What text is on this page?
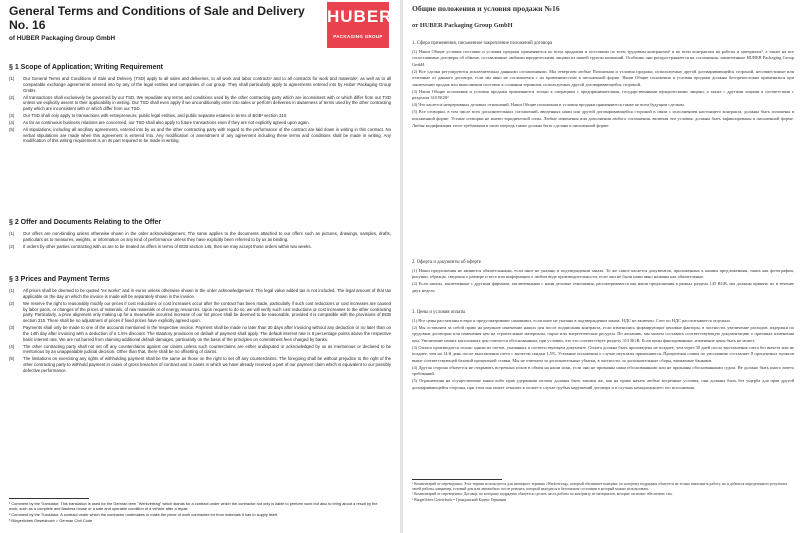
General Terms and Conditions of Sale and Delivery No. 16

of HUBER Packaging Group GmbH

HUBER
PACKAGING GROUP
§ 1 Scope of Application; Writing Requirement
(1) Our General Terms and Conditions of Sale and Delivery (TSD) apply to all sales and deliveries, to all work and labor contracts¹ and to all contracts for work and materials², as well as to all comparable exchange agreements entered into by any of the legal entities and companies of our group. They shall particularly apply to agreements entered into by Huber Packaging Group GmbH.
(2) All transactions shall exclusively be governed by our TSD. We repudiate any terms and conditions used by the other contracting party which are inconsistent with or which differ from our TSD unless we explicitly assent to their applicability in writing. Our TSD shall even apply if we unconditionally enter into sales or perform deliveries in awareness of terms used by the other contracting party which are inconsistent with or which differ from our TSD.
(3) Our TSD shall only apply to transactions with entrepreneurs, public legal entities, and public separate estates in terms of BGB³ section 310.
(4) As far as continuous business relations are concerned, our TSD shall also apply to future transactions even if they are not explicitly agreed upon again.
(5) All stipulations, including all ancillary agreements, entered into by us and the other contracting party with regard to the performance of the contract are laid down in writing in this contract. No verbal stipulations are made when this agreement is entered into. Any modification or amendment of any agreement including these terms and conditions shall be made in writing. Any modification of this writing requirement is on its part required to be made in writing.
§ 2 Offer and Documents Relating to the Offer
(1) Our offers are non-binding unless otherwise shown in the order acknowledgement. The same applies to the documents attached to our offers such as pictures, drawings, samples, drafts, particulars as to measures, weights, or information on any kind of performance unless they have explicitly been referred to by us as binding.
(2) If orders by other parties contracting with us are to be treated as offers in terms of BGB section 145, then we may accept those orders within two weeks.
§ 3 Prices and Payment Terms
(1) All prices shall be deemed to be quoted "ex works" and in euros unless otherwise shown in the order acknowledgement. The legal value added tax is not included. The legal amount of that tax applicable on the day on which the invoice is made will be separately shown in the invoice.
(2) We reserve the right to reasonably modify our prices if cost reductions or cost increases occur after the contract has been made, particularly if such cost reductions or cost increases are caused by labor pacts, or changes of the prices of materials, of raw materials or of energy resources. Upon request to do so, we will verify such cost reductions or cost increases to the other contracting party. Particularly, a price alignment only making up for a meanwhile occurred increase of our list prices shall be deemed to be reasonable, provided it is compatible with the provisions of BGB section 315. There shall be no adjustment of prices if fixed prices have explicitly agreed upon.
(3) Payments shall only be made to one of the accounts mentioned in the respective invoice. Payment shall be made no later than 30 days after invoicing without any deduction or no later than on the 14th day after invoicing with a deduction of a 1.5% discount. The statutory provisions on default of payment shall apply. The default interest rate is 8 percentage points above the respective basic interest rate. We are not barred from claiming additional default damages, particularly on the basis of the principles on commitment fees charged by banks.
(4) The other contracting party shall not set off any counterclaims against our claims unless such counterclaims are either undisputed or acknowledged by us as meritorious or declared to be meritorious by an unappealable judicial decision. Other than that, there shall be no offsetting of claims.
(5) The limitations on exercising any rights of withholding payment shall be the same as those on the right to set off any counterclaims. The foregoing shall be without prejudice to the right of the other contracting party to withhold payment in cases of gross breaches of contract and in cases in which we have already received a part of our payment claim which is equivalent to our possibly defective performance.

¹ Comment by the Translator: This translation is used for the German term "Werkvertrag" which stands for a contract under which the contractor not only is liable to perform work but also to bring about a result by the work, such as a complete and flawless house or a safe and operable condition of a vehicle after a repair.

² Comment by the Translator: A contract under which the contractor undertakes to make the piece of work contracted for from materials it has to supply itself.

³ Bürgerliches Gesetzbuch = German Civil Code

Общие положения и условия продажи №16

от HUBER Packaging Group GmbH

1. Сфера применения, письменное закрепление положений договора

(1) Наши Общие условия поставки и условия продажи применяются ко всем продажам и поставкам по всем трудовым контрактам¹ и ко всем контрактам на работы и материалы², а также на все сопоставимые договоры об обмене, составленные любыми юридическими лицами из нашей группы компаний. Особенно они распространяются на соглашения, заключенные HUBER Packaging Group GmbH.

(2) Все сделки регулируются исключительно данными соглашениями. Мы отвергаем любые Положения и условия продажи, используемые другой договаривающейся стороной, несовместимые или отличные от данного договора, если мы явно не соглашаемся с их применимостью в письменной форме. Наши Общие положения и условия продажи должны беспрекословно применяться при заключении продаж или выполнении поставок в сознании терминов, используемых другой договаривающейся стороной.

(3) Наши Общие положения и условия продажи применяются только к операциям с предпринимателями, государственными юридическими лицами, а также с другими лицами в соответствии с разделом 310 BGB³

(4) Что касается непрерывных деловых отношений, Наши Общие положения и условия продажи применяются также ко всем будущим сделкам.

(5) Все оговорки, в том числе всех дополнительных соглашений, введенных нами или другой договаривающейся стороной в связи с исполнением настоящего контракта, должны быть изложены в письменной форме. Устные оговорки не имеют юридической силы. Любые изменения или дополнения любого соглашения, включая эти условия, должны быть зафиксированы в письменной форме. Любая модификация этого требования в свою очередь также должна быть сделана в письменной форме.

2. Оферта и документы об оферте

(1) Наши предложения не являются обязательными, если иное не указано в подтверждении заказа. То же самое касается документов, приложенных к нашим предложениям, таких как фотографии, рисунки, образцы, сведения о размере и весе или информации о любом виде производительности, если они не были нами явно названы как обязательные.

(2) Если заказы, заключенные с другими фирмами, заключенными с нами деловые отношения, рассматриваются как наши предложения в рамках раздела 145 BGB, мы должны принять их в течение двух недель.

3. Цены и условия оплаты

(1) Все цены рассчитаны в евро и предусматривают самовывоз, если иное не указано в подтверждении заказа. НДС не включен. Счет по НДС рассчитывается отдельно.

(2) Мы оставляем за собой право на разумное изменение наших цен после подписания контракта, если изменились формирующие ценовые факторы, в частности, увеличение расходов, издержки по трудовым договорам или изменения цен на строительные материалы, сырье или энергетические ресурсы. По желанию, мы можем составить соответствующую документацию о причинах изменения цен. Увеличение наших каталожных цен считается обоснованным, при условии, что это соответствует разделу 315 BGB. Если цены фиксированные, изменение цены быть не может.

(3) Оплата производится только одним из счетов, указанных в соответствующем документе. Оплата должна быть произведена не позднее, чем через 30 дней после выставления счета без вычета или не позднее, чем на 14-й день после выставления счета с вычетом скидки 1,5%. Уставные положения о случае неуплаты применяются. Процентная ставка по умолчанию составляет 8 процентных пунктов выше соответствующей базовой процентной ставки. Мы не отвечаем за дополнительные убытки, в частности, за дополнительные сборы, взимаемые банками.

(4) Другая сторона обязуется не открывать встречных исков в обмен на наши иски, если они не признаны нами обоснованными или не признаны обоснованными судом. Не должно быть иного зачета требований.

(5) Ограничения на осуществление каких-либо прав удержания оплаты должны быть такими же, как на право начать любые встречные условия, они должны быть без ущерба для прав другой договаривающейся стороны, при этом она может отказать в оплате в случае грубых нарушений договора и в случаях ненадлежащего его исполнения.

¹ Комментарий от переводчика: Этот термин используется для немецкого термина «Werkvertrag», который обозначает контракт, по которому подрядчик обязуется не только выполнить работу, но и добиться определенного результата своей работы, например, готовый дом или автомобиль после ремонта, который находится в безопасном состоянии в который можно использовать.

² Комментарий от переводчика: Договор, по которому подрядчик обязуется сделать часть работы по контракту из материалов, которые он может обеспечить сам.

³ Bürgerliches Gesetzbuch = Гражданский Кодекс Германии
